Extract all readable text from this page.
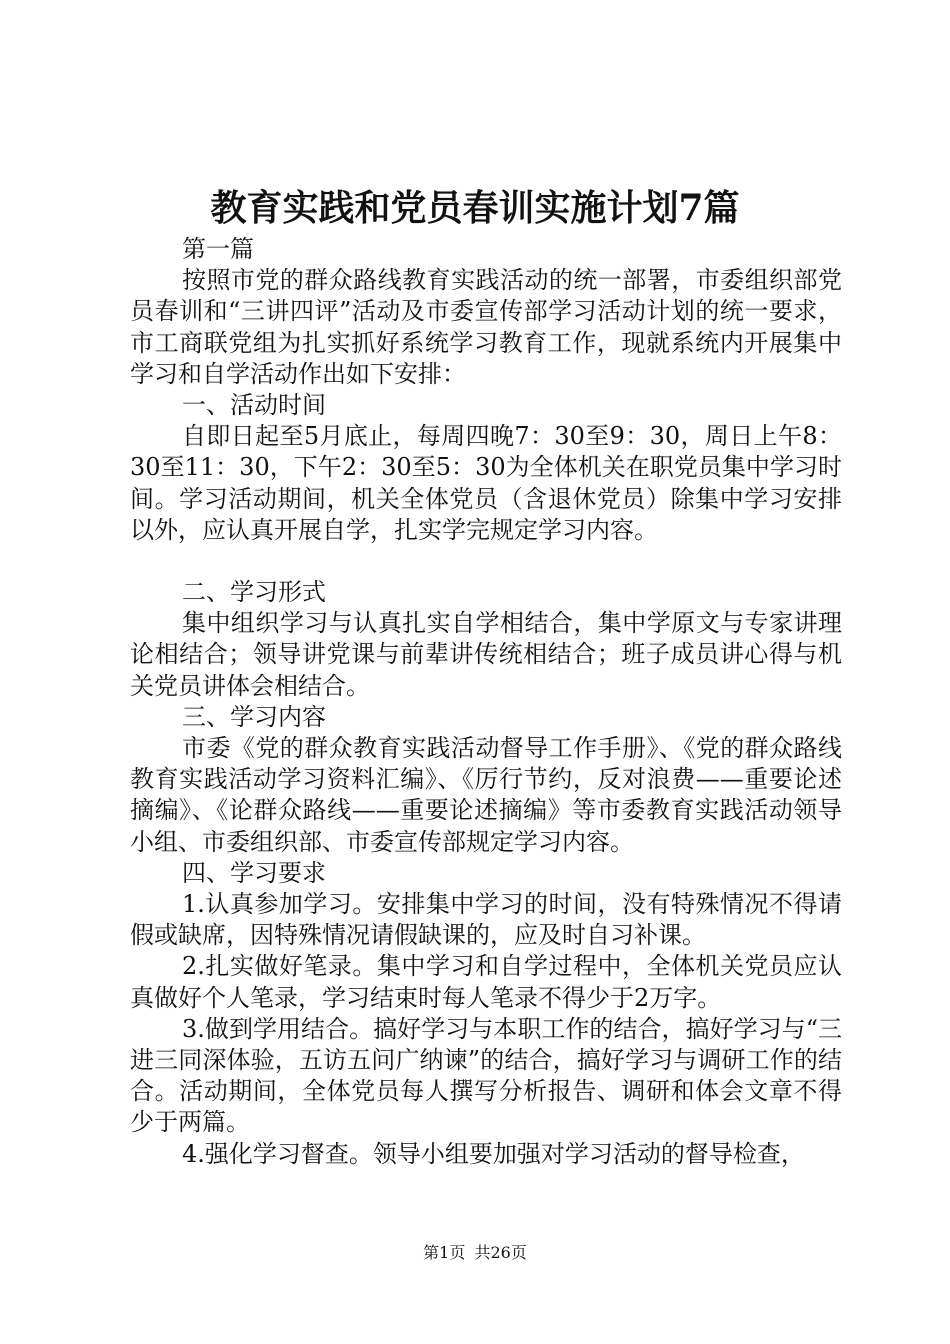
教育实践和党员春训实施计划7篇

第一篇

按照市党的群众路线教育实践活动的统一部署，市委组织部党员春训和“三讲四评”活动及市委宣传部学习活动计划的统一要求，市工商联党组为扎实抓好系统学习教育工作，现就系统内开展集中学习和自学活动作出如下安排：

一、活动时间

自即日起至5月底止，每周四晚7：30至9：30，周日上午8：30至11：30，下午2：30至5：30为全体机关在职党员集中学习时间。学习活动期间，机关全体党员（含退休党员）除集中学习安排以外，应认真开展自学，扎实学完规定学习内容。

二、学习形式

集中组织学习与认真扎实自学相结合，集中学原文与专家讲理论相结合；领导讲党课与前辈讲传统相结合；班子成员讲心得与机关党员讲体会相结合。

三、学习内容

市委《党的群众教育实践活动督导工作手册》、《党的群众路线教育实践活动学习资料汇编》、《厉行节约，反对浪费——重要论述摘编》、《论群众路线——重要论述摘编》等市委教育实践活动领导小组、市委组织部、市委宣传部规定学习内容。

四、学习要求

1.认真参加学习。安排集中学习的时间，没有特殊情况不得请假或缺席，因特殊情况请假缺课的，应及时自习补课。

2.扎实做好笔录。集中学习和自学过程中，全体机关党员应认真做好个人笔录，学习结束时每人笔录不得少于2万字。

3.做到学用结合。搞好学习与本职工作的结合，搞好学习与“三进三同深体验，五访五问广纳谏”的结合，搞好学习与调研工作的结合。活动期间，全体党员每人撰写分析报告、调研和体会文章不得少于两篇。

4.强化学习督查。领导小组要加强对学习活动的督导检查，

第1页 共26页
